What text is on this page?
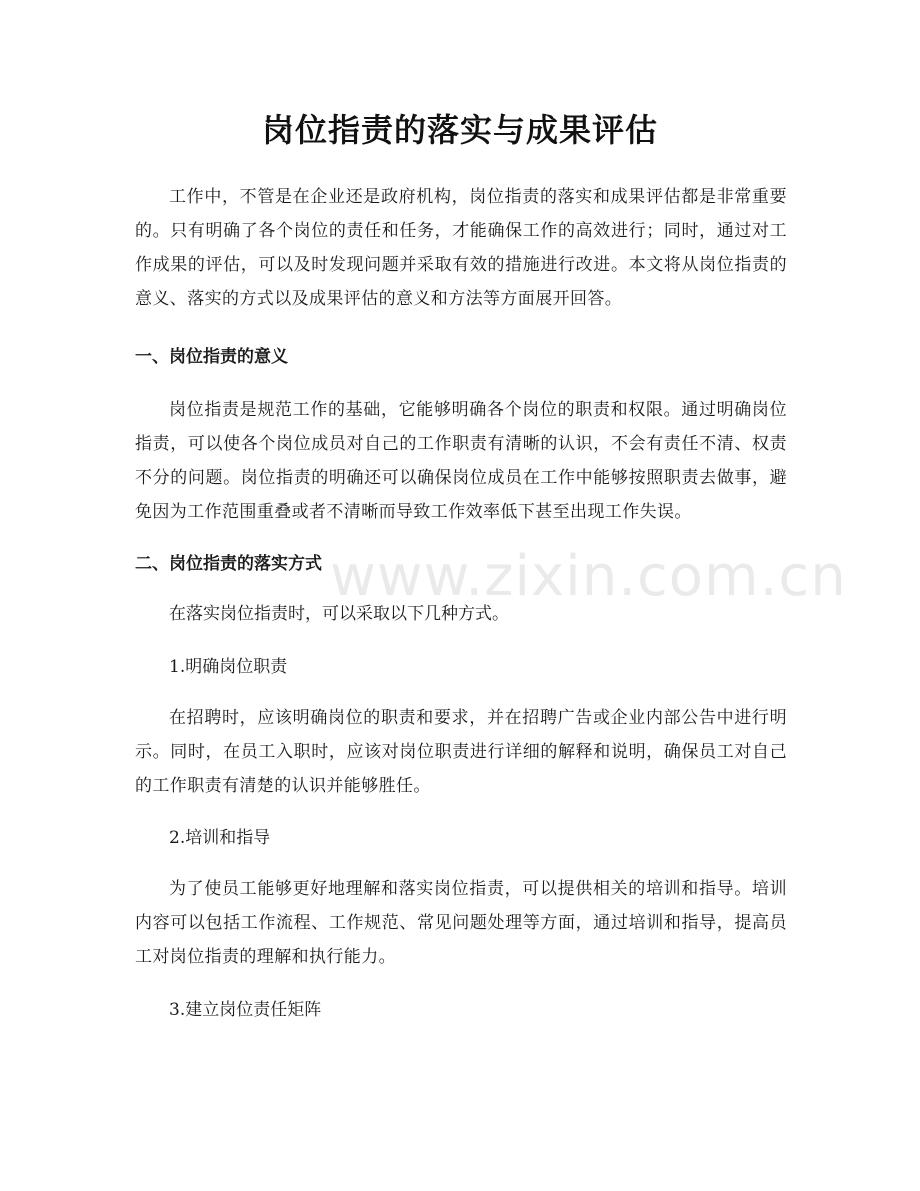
岗位指责的落实与成果评估

工作中，不管是在企业还是政府机构，岗位指责的落实和成果评估都是非常重要的。只有明确了各个岗位的责任和任务，才能确保工作的高效进行；同时，通过对工作成果的评估，可以及时发现问题并采取有效的措施进行改进。本文将从岗位指责的意义、落实的方式以及成果评估的意义和方法等方面展开回答。

一、岗位指责的意义

岗位指责是规范工作的基础，它能够明确各个岗位的职责和权限。通过明确岗位指责，可以使各个岗位成员对自己的工作职责有清晰的认识，不会有责任不清、权责不分的问题。岗位指责的明确还可以确保岗位成员在工作中能够按照职责去做事，避免因为工作范围重叠或者不清晰而导致工作效率低下甚至出现工作失误。

二、岗位指责的落实方式

在落实岗位指责时，可以采取以下几种方式。

1.明确岗位职责

在招聘时，应该明确岗位的职责和要求，并在招聘广告或企业内部公告中进行明示。同时，在员工入职时，应该对岗位职责进行详细的解释和说明，确保员工对自己的工作职责有清楚的认识并能够胜任。

2.培训和指导

为了使员工能够更好地理解和落实岗位指责，可以提供相关的培训和指导。培训内容可以包括工作流程、工作规范、常见问题处理等方面，通过培训和指导，提高员工对岗位指责的理解和执行能力。

3.建立岗位责任矩阵

www.zixin.com.cn
